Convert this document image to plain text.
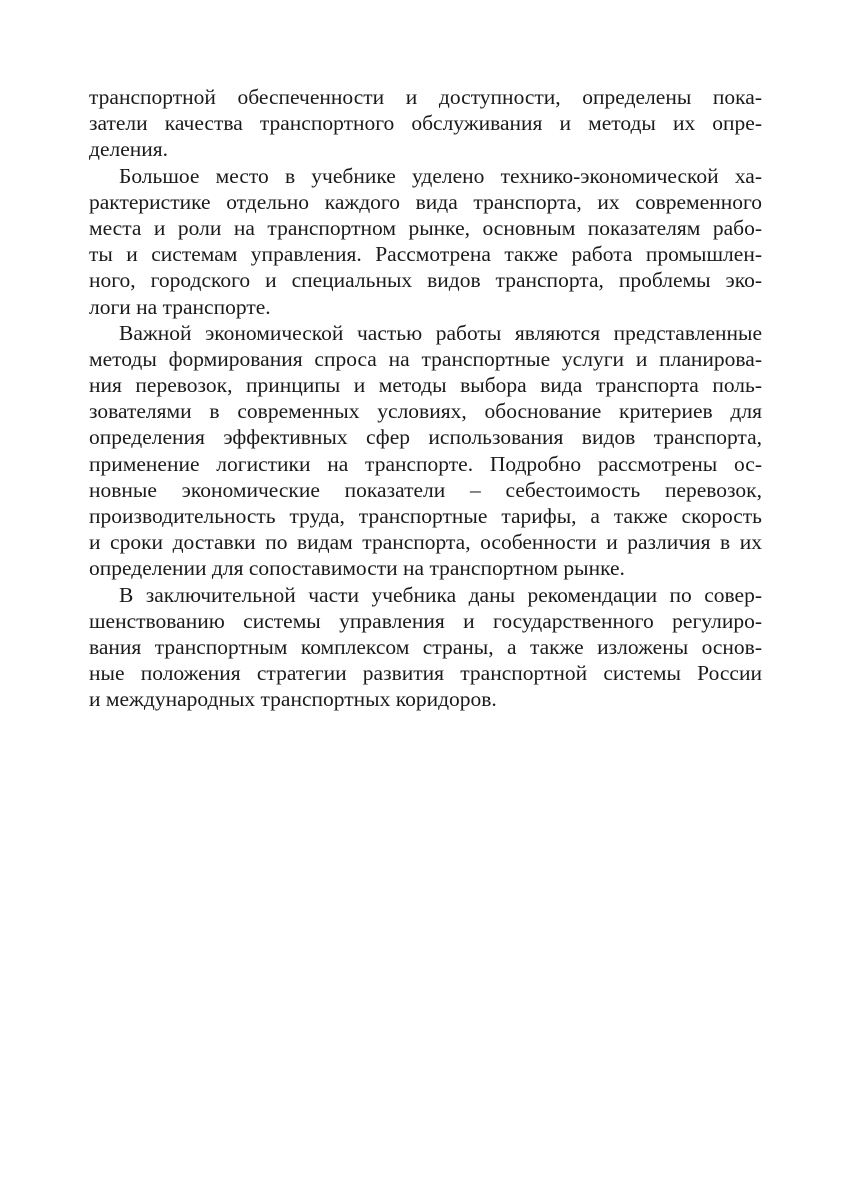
транспортной обеспеченности и доступности, определены пока-
затели качества транспортного обслуживания и методы их опре-
деления.
Большое место в учебнике уделено технико-экономической ха-
рактеристике отдельно каждого вида транспорта, их современного
места и роли на транспортном рынке, основным показателям рабо-
ты и системам управления. Рассмотрена также работа промышлен-
ного, городского и специальных видов транспорта, проблемы эко-
логи на транспорте.
Важной экономической частью работы являются представленные
методы формирования спроса на транспортные услуги и планирова-
ния перевозок, принципы и методы выбора вида транспорта поль-
зователями в современных условиях, обоснование критериев для
определения эффективных сфер использования видов транспорта,
применение логистики на транспорте. Подробно рассмотрены ос-
новные экономические показатели – себестоимость перевозок,
производительность труда, транспортные тарифы, а также скорость
и сроки доставки по видам транспорта, особенности и различия в их
определении для сопоставимости на транспортном рынке.
В заключительной части учебника даны рекомендации по совер-
шенствованию системы управления и государственного регулиро-
вания транспортным комплексом страны, а также изложены основ-
ные положения стратегии развития транспортной системы России
и международных транспортных коридоров.
